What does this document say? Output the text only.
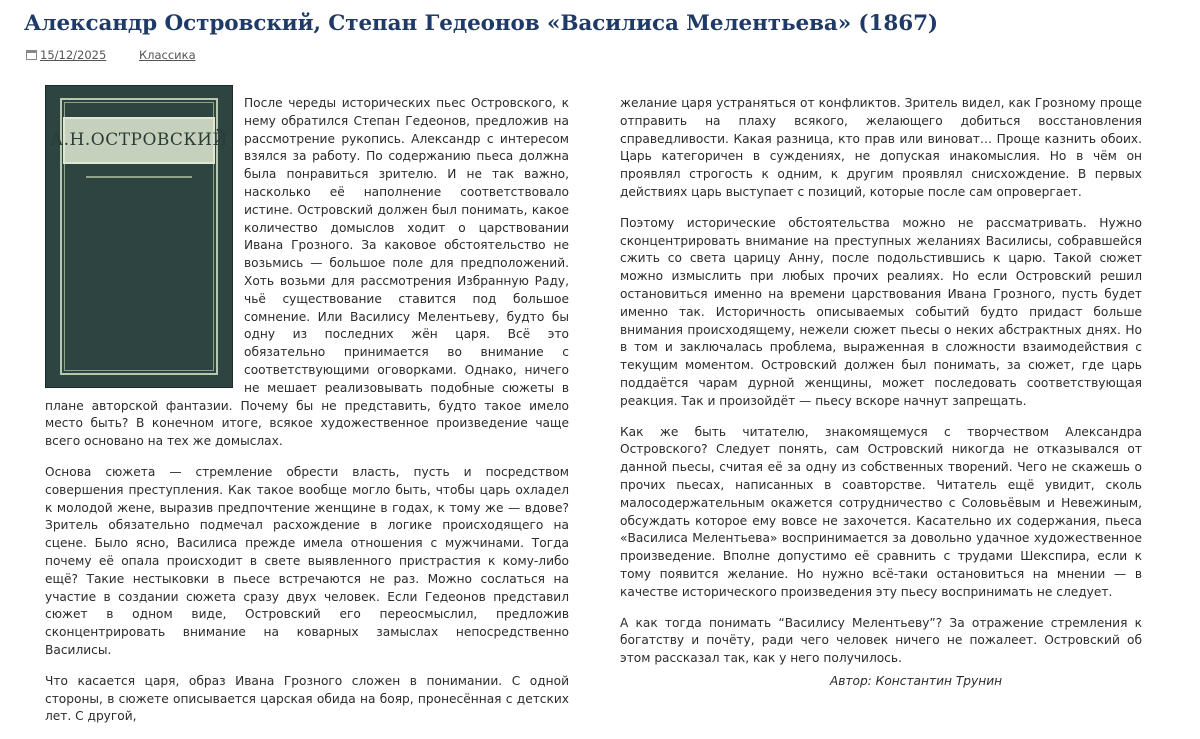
Александр Островский, Степан Гедеонов «Василиса Мелентьева» (1867)
15/12/2025	Классика
А.Н.ОСТРОВСКИЙ

После череды исторических пьес Островского, к нему обратился Степан Гедеонов, предложив на рассмотрение рукопись. Александр с интересом взялся за работу. По содержанию пьеса должна была понравиться зрителю. И не так важно, насколько её наполнение соответствовало истине. Островский должен был понимать, какое количество домыслов ходит о царствовании Ивана Грозного. За каковое обстоятельство не возьмись — большое поле для предположений. Хоть возьми для рассмотрения Избранную Раду, чьё существование ставится под большое сомнение. Или Василису Мелентьеву, будто бы одну из последних жён царя. Всё это обязательно принимается во внимание с соответствующими оговорками. Однако, ничего не мешает реализовывать подобные сюжеты в плане авторской фантазии. Почему бы не представить, будто такое имело место быть? В конечном итоге, всякое художественное произведение чаще всего основано на тех же домыслах.

Основа сюжета — стремление обрести власть, пусть и посредством совершения преступления. Как такое вообще могло быть, чтобы царь охладел к молодой жене, выразив предпочтение женщине в годах, к тому же — вдове? Зритель обязательно подмечал расхождение в логике происходящего на сцене. Было ясно, Василиса прежде имела отношения с мужчинами. Тогда почему её опала происходит в свете выявленного пристрастия к кому-либо ещё? Такие нестыковки в пьесе встречаются не раз. Можно сослаться на участие в создании сюжета сразу двух человек. Если Гедеонов представил сюжет в одном виде, Островский его переосмыслил, предложив сконцентрировать внимание на коварных замыслах непосредственно Василисы.

Что касается царя, образ Ивана Грозного сложен в понимании. С одной стороны, в сюжете описывается царская обида на бояр, пронесённая с детских лет. С другой,

желание царя устраняться от конфликтов. Зритель видел, как Грозному проще отправить на плаху всякого, желающего добиться восстановления справедливости. Какая разница, кто прав или виноват… Проще казнить обоих. Царь категоричен в суждениях, не допуская инакомыслия. Но в чём он проявлял строгость к одним, к другим проявлял снисхождение. В первых действиях царь выступает с позиций, которые после сам опровергает.

Поэтому исторические обстоятельства можно не рассматривать. Нужно сконцентрировать внимание на преступных желаниях Василисы, собравшейся сжить со света царицу Анну, после подольстившись к царю. Такой сюжет можно измыслить при любых прочих реалиях. Но если Островский решил остановиться именно на времени царствования Ивана Грозного, пусть будет именно так. Историчность описываемых событий будто придаст больше внимания происходящему, нежели сюжет пьесы о неких абстрактных днях. Но в том и заключалась проблема, выраженная в сложности взаимодействия с текущим моментом. Островский должен был понимать, за сюжет, где царь поддаётся чарам дурной женщины, может последовать соответствующая реакция. Так и произойдёт — пьесу вскоре начнут запрещать.

Как же быть читателю, знакомящемуся с творчеством Александра Островского? Следует понять, сам Островский никогда не отказывался от данной пьесы, считая её за одну из собственных творений. Чего не скажешь о прочих пьесах, написанных в соавторстве. Читатель ещё увидит, сколь малосодержательным окажется сотрудничество с Соловьёвым и Невежиным, обсуждать которое ему вовсе не захочется. Касательно их содержания, пьеса «Василиса Мелентьева» воспринимается за довольно удачное художественное произведение. Вполне допустимо её сравнить с трудами Шекспира, если к тому появится желание. Но нужно всё-таки остановиться на мнении — в качестве исторического произведения эту пьесу воспринимать не следует.

А как тогда понимать “Василису Мелентьеву”? За отражение стремления к богатству и почёту, ради чего человек ничего не пожалеет. Островский об этом рассказал так, как у него получилось.

Автор: Константин Трунин
